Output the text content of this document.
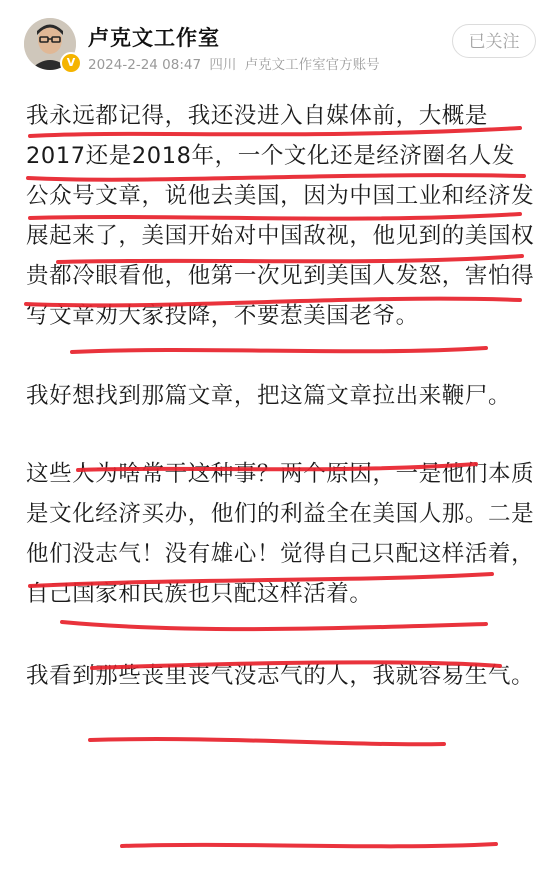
V
卢克文工作室
2024-2-24 08:47 四川 卢克文工作室官方账号
已关注

我永远都记得，我还没进入自媒体前，大概是2017还是2018年，一个文化还是经济圈名人发公众号文章，说他去美国，因为中国工业和经济发展起来了，美国开始对中国敌视，他见到的美国权贵都冷眼看他，他第一次见到美国人发怒，害怕得写文章劝大家投降，不要惹美国老爷。

我好想找到那篇文章，把这篇文章拉出来鞭尸。

这些人为啥常干这种事？两个原因，一是他们本质是文化经济买办，他们的利益全在美国人那。二是他们没志气！没有雄心！觉得自己只配这样活着，自己国家和民族也只配这样活着。

我看到那些丧里丧气没志气的人，我就容易生气。
